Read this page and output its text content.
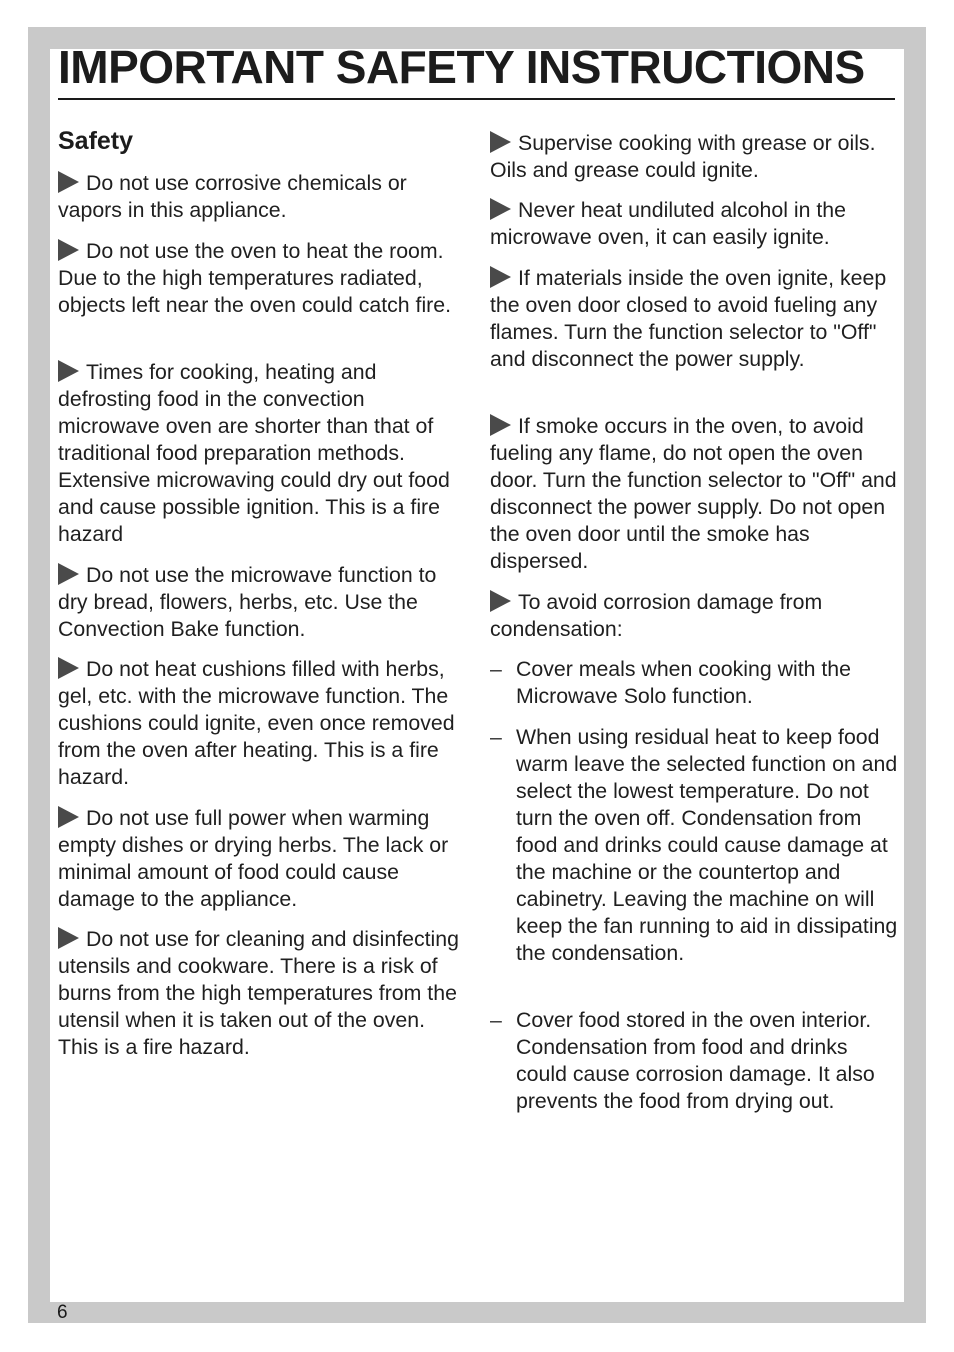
IMPORTANT SAFETY INSTRUCTIONS
Safety

Do not use corrosive chemicals or vapors in this appliance.

Do not use the oven to heat the room. Due to the high temperatures radiated, objects left near the oven could catch fire.

Times for cooking, heating and defrosting food in the convection microwave oven are shorter than that of traditional food preparation methods. Extensive microwaving could dry out food and cause possible ignition. This is a fire hazard

Do not use the microwave function to dry bread, flowers, herbs, etc. Use the Convection Bake function.

Do not heat cushions filled with herbs, gel, etc. with the microwave function. The cushions could ignite, even once removed from the oven after heating. This is a fire hazard.

Do not use full power when warming empty dishes or drying herbs. The lack or minimal amount of food could cause damage to the appliance.

Do not use for cleaning and disinfecting utensils and cookware. There is a risk of burns from the high temperatures from the utensil when it is taken out of the oven. This is a fire hazard.

Supervise cooking with grease or oils. Oils and grease could ignite.

Never heat undiluted alcohol in the microwave oven, it can easily ignite.

If materials inside the oven ignite, keep the oven door closed to avoid fueling any flames. Turn the function selector to "Off" and disconnect the power supply.

If smoke occurs in the oven, to avoid fueling any flame, do not open the oven door. Turn the function selector to "Off" and disconnect the power supply. Do not open the oven door until the smoke has dispersed.

To avoid corrosion damage from condensation:

– Cover meals when cooking with the Microwave Solo function.
– When using residual heat to keep food warm leave the selected function on and select the lowest temperature. Do not turn the oven off. Condensation from food and drinks could cause damage at the machine or the countertop and cabinetry. Leaving the machine on will keep the fan running to aid in dissipating the condensation.
– Cover food stored in the oven interior. Condensation from food and drinks could cause corrosion damage. It also prevents the food from drying out.
6
